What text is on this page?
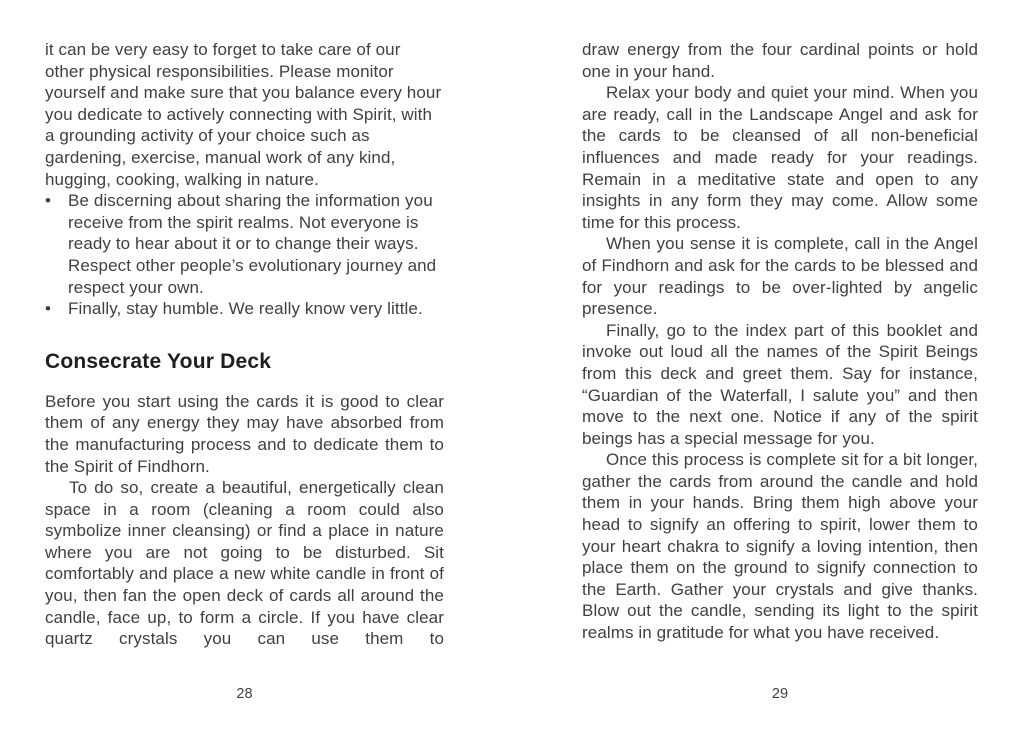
it can be very easy to forget to take care of our other physical responsibilities. Please monitor yourself and make sure that you balance every hour you dedicate to actively connecting with Spirit, with a grounding activity of your choice such as gardening, exercise, manual work of any kind, hugging, cooking, walking in nature.

• Be discerning about sharing the information you receive from the spirit realms. Not everyone is ready to hear about it or to change their ways. Respect other people’s evolutionary journey and respect your own.
• Finally, stay humble. We really know very little.
Consecrate Your Deck

Before you start using the cards it is good to clear them of any energy they may have absorbed from the manufacturing process and to dedicate them to the Spirit of Findhorn.

To do so, create a beautiful, energetically clean space in a room (cleaning a room could also symbolize inner cleansing) or find a place in nature where you are not going to be disturbed. Sit comfortably and place a new white candle in front of you, then fan the open deck of cards all around the candle, face up, to form a circle. If you have clear quartz crystals you can use them to

28

draw energy from the four cardinal points or hold one in your hand.

Relax your body and quiet your mind. When you are ready, call in the Landscape Angel and ask for the cards to be cleansed of all non-beneficial influences and made ready for your readings. Remain in a meditative state and open to any insights in any form they may come. Allow some time for this process.

When you sense it is complete, call in the Angel of Findhorn and ask for the cards to be blessed and for your readings to be over-lighted by angelic presence.

Finally, go to the index part of this booklet and invoke out loud all the names of the Spirit Beings from this deck and greet them. Say for instance, “Guardian of the Waterfall, I salute you” and then move to the next one. Notice if any of the spirit beings has a special message for you.

Once this process is complete sit for a bit longer, gather the cards from around the candle and hold them in your hands. Bring them high above your head to signify an offering to spirit, lower them to your heart chakra to signify a loving intention, then place them on the ground to signify connection to the Earth. Gather your crystals and give thanks. Blow out the candle, sending its light to the spirit realms in gratitude for what you have received.

29
